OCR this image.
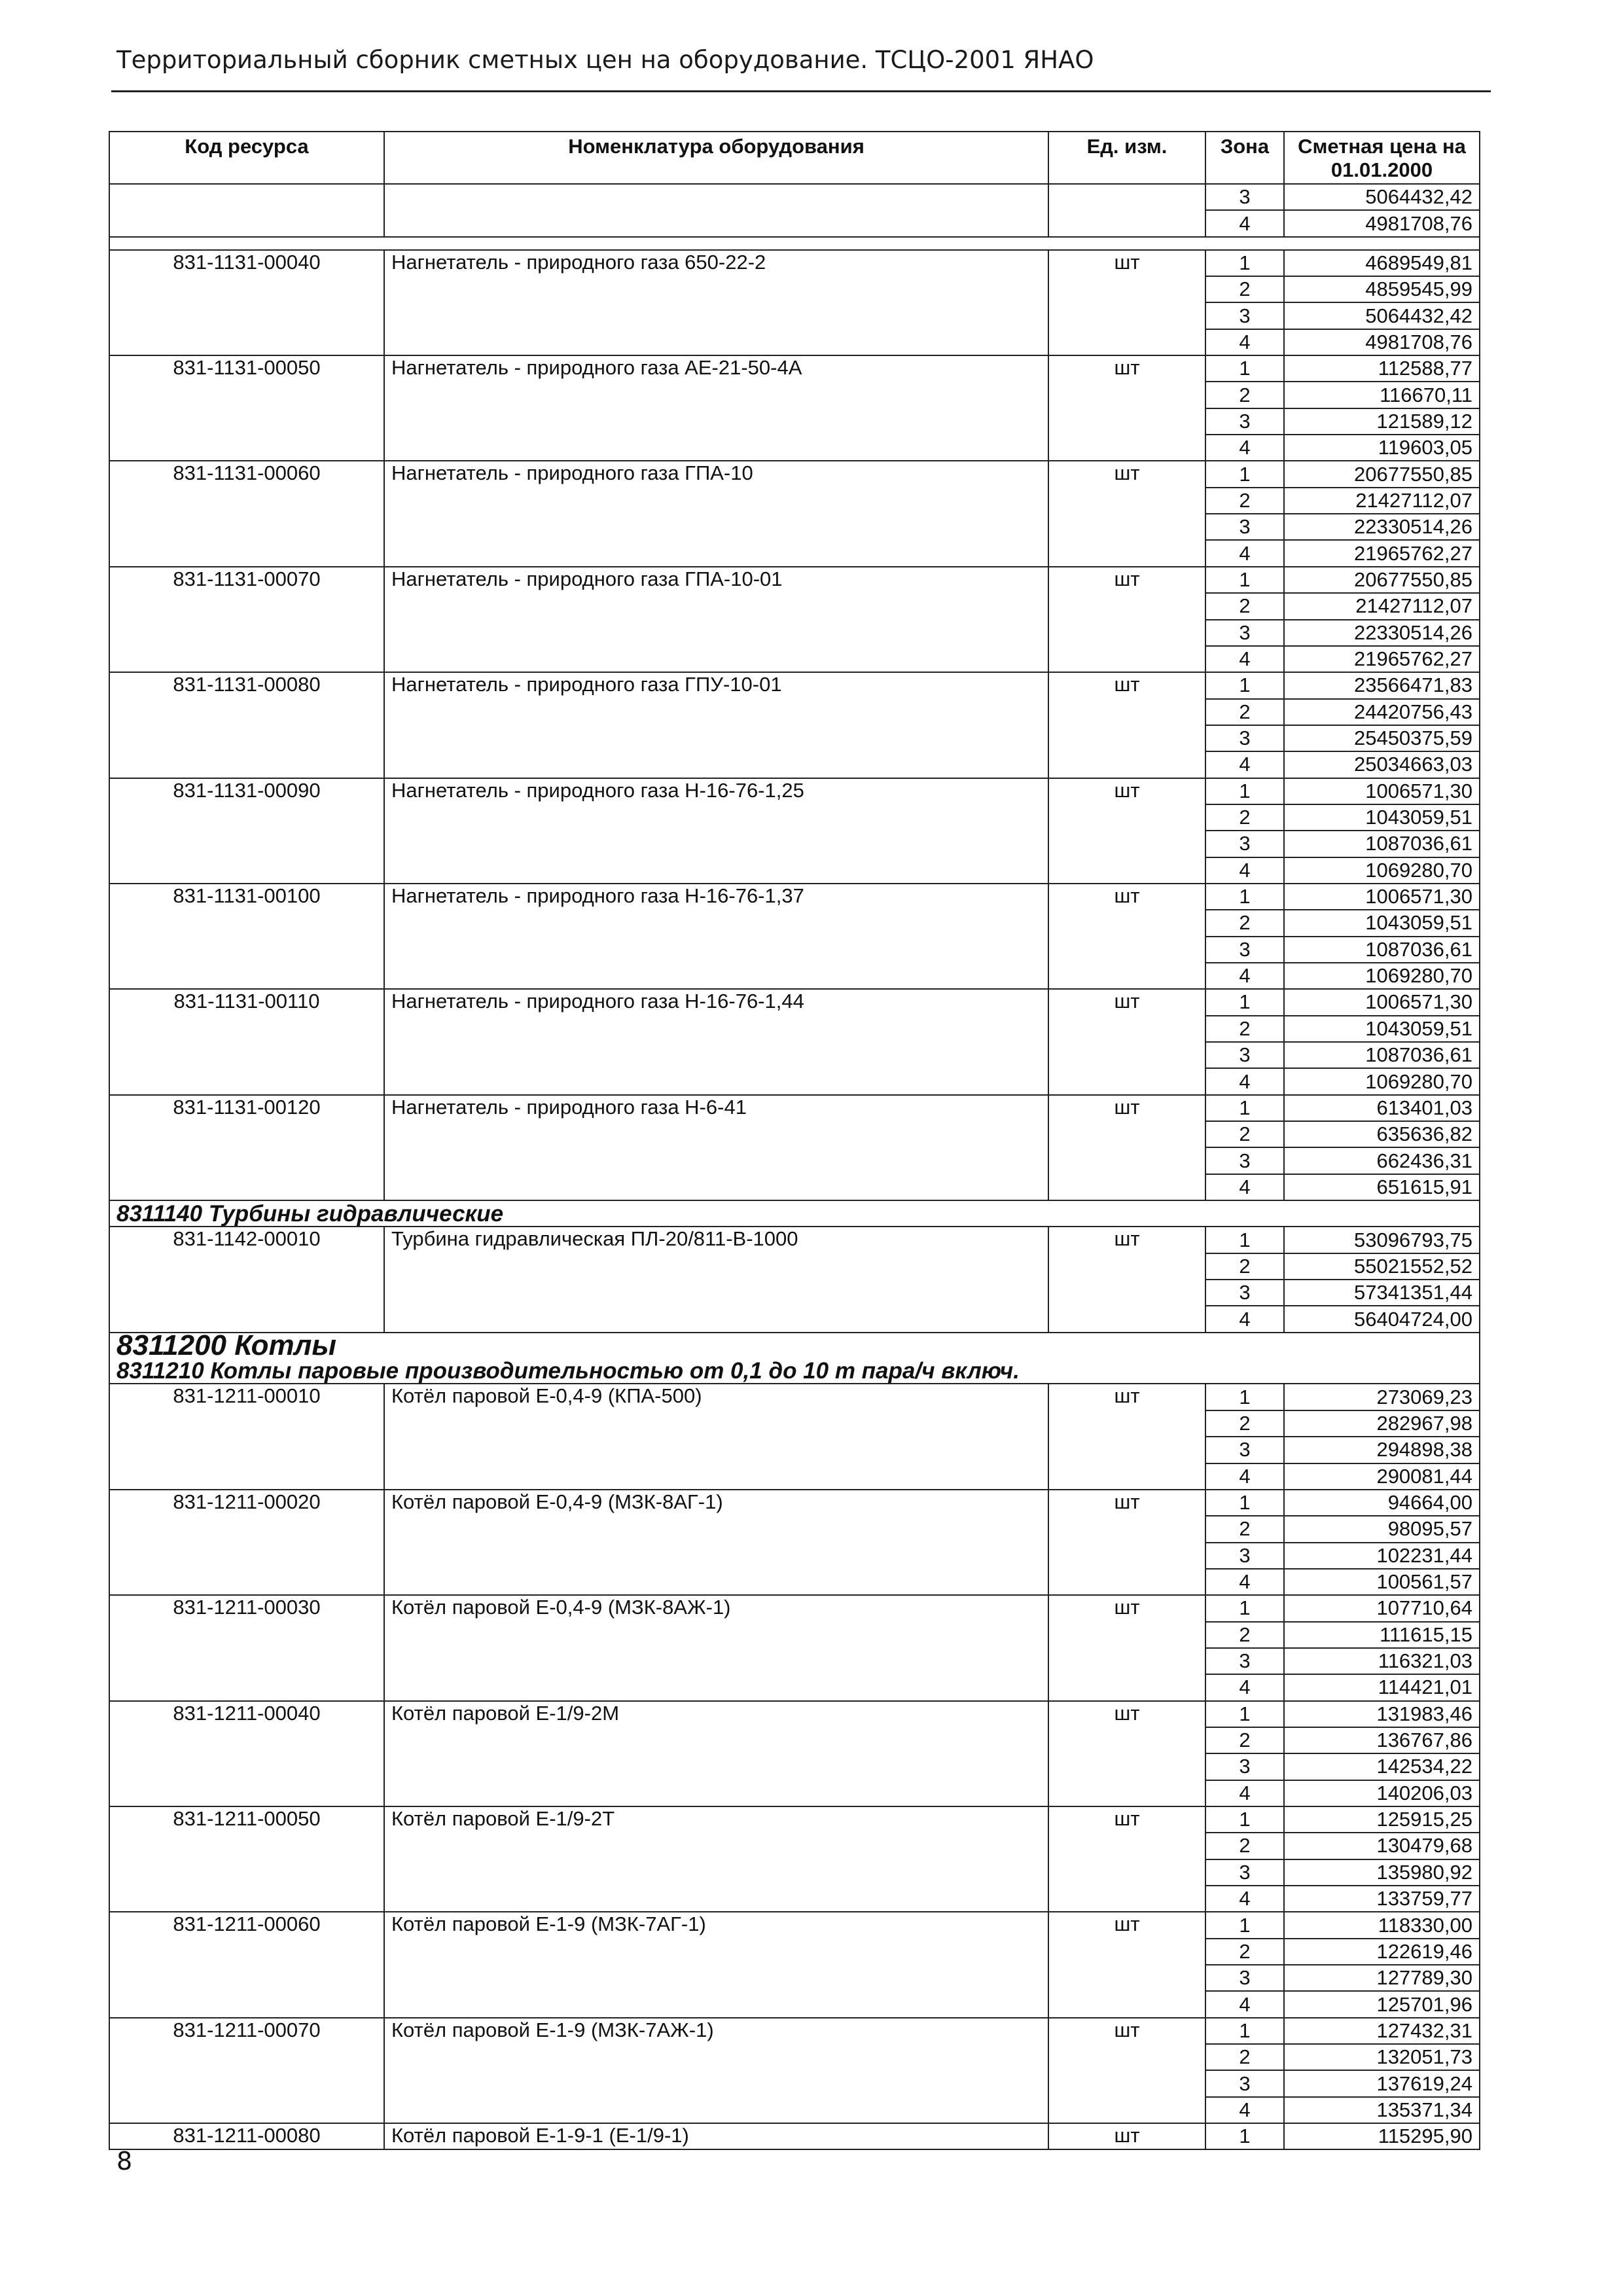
Территориальный сборник сметных цен на оборудование. ТСЦО-2001 ЯНАО
Код ресурса	Номенклатура оборудования	Ед. изм.	Зона	Сметная цена на 01.01.2000
			3	5064432,42
			4	4981708,76

831-1131-00040	Нагнетатель - природного газа 650-22-2	шт	1	4689549,81
			2	4859545,99
			3	5064432,42
			4	4981708,76
831-1131-00050	Нагнетатель - природного газа АЕ-21-50-4А	шт	1	112588,77
			2	116670,11
			3	121589,12
			4	119603,05
831-1131-00060	Нагнетатель - природного газа ГПА-10	шт	1	20677550,85
			2	21427112,07
			3	22330514,26
			4	21965762,27
831-1131-00070	Нагнетатель - природного газа ГПА-10-01	шт	1	20677550,85
			2	21427112,07
			3	22330514,26
			4	21965762,27
831-1131-00080	Нагнетатель - природного газа ГПУ-10-01	шт	1	23566471,83
			2	24420756,43
			3	25450375,59
			4	25034663,03
831-1131-00090	Нагнетатель - природного газа Н-16-76-1,25	шт	1	1006571,30
			2	1043059,51
			3	1087036,61
			4	1069280,70
831-1131-00100	Нагнетатель - природного газа Н-16-76-1,37	шт	1	1006571,30
			2	1043059,51
			3	1087036,61
			4	1069280,70
831-1131-00110	Нагнетатель - природного газа Н-16-76-1,44	шт	1	1006571,30
			2	1043059,51
			3	1087036,61
			4	1069280,70
831-1131-00120	Нагнетатель - природного газа Н-6-41	шт	1	613401,03
			2	635636,82
			3	662436,31
			4	651615,91
8311140 Турбины гидравлические				
831-1142-00010	Турбина гидравлическая ПЛ-20/811-В-1000	шт	1	53096793,75
			2	55021552,52
			3	57341351,44
			4	56404724,00
8311200 Котлы				
8311210 Котлы паровые производительностью от 0,1 до 10 т пара/ч включ.				
831-1211-00010	Котёл паровой Е-0,4-9 (КПА-500)	шт	1	273069,23
			2	282967,98
			3	294898,38
			4	290081,44
831-1211-00020	Котёл паровой Е-0,4-9 (МЗК-8АГ-1)	шт	1	94664,00
			2	98095,57
			3	102231,44
			4	100561,57
831-1211-00030	Котёл паровой Е-0,4-9 (МЗК-8АЖ-1)	шт	1	107710,64
			2	111615,15
			3	116321,03
			4	114421,01
831-1211-00040	Котёл паровой Е-1/9-2М	шт	1	131983,46
			2	136767,86
			3	142534,22
			4	140206,03
831-1211-00050	Котёл паровой Е-1/9-2Т	шт	1	125915,25
			2	130479,68
			3	135980,92
			4	133759,77
831-1211-00060	Котёл паровой Е-1-9 (МЗК-7АГ-1)	шт	1	118330,00
			2	122619,46
			3	127789,30
			4	125701,96
831-1211-00070	Котёл паровой Е-1-9 (МЗК-7АЖ-1)	шт	1	127432,31
			2	132051,73
			3	137619,24
			4	135371,34
831-1211-00080	Котёл паровой Е-1-9-1 (Е-1/9-1)	шт	1	115295,90
8
